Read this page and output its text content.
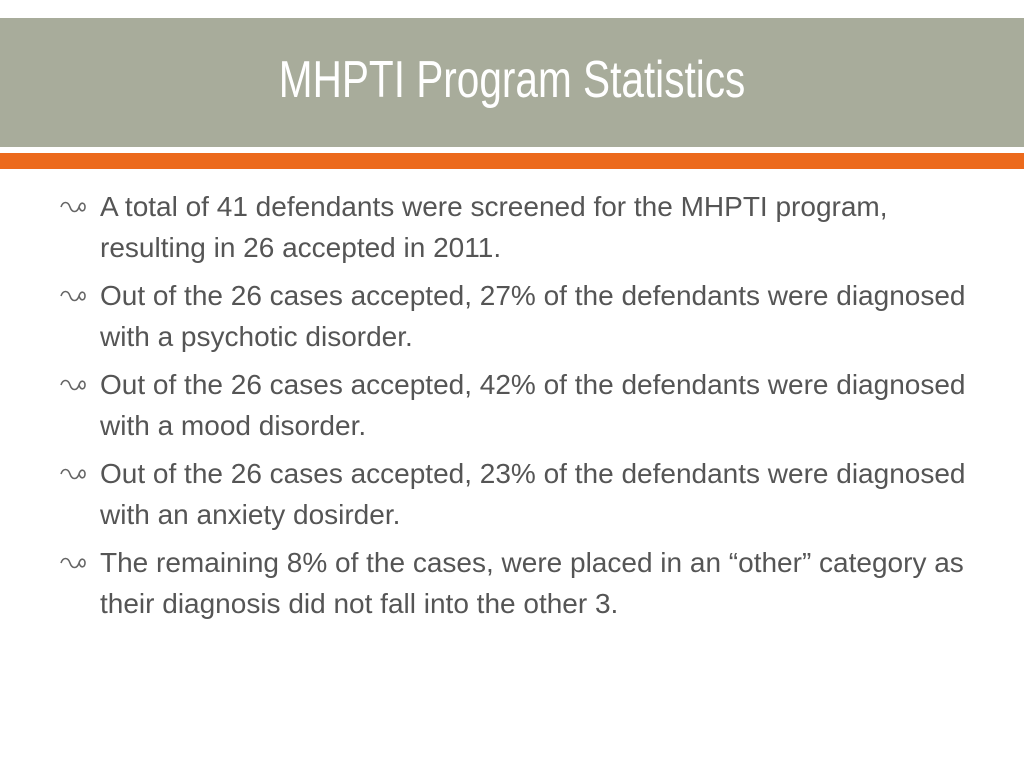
MHPTI Program Statistics
A total of 41 defendants were screened for the MHPTI program, resulting in 26 accepted in 2011.
Out of the 26 cases accepted, 27% of the defendants were diagnosed with a psychotic disorder.
Out of the 26 cases accepted, 42% of the defendants were diagnosed with a mood disorder.
Out of the 26 cases accepted, 23% of the defendants were diagnosed with an anxiety dosirder.
The remaining 8% of the cases, were placed in an “other” category as their diagnosis did not fall into the other 3.
